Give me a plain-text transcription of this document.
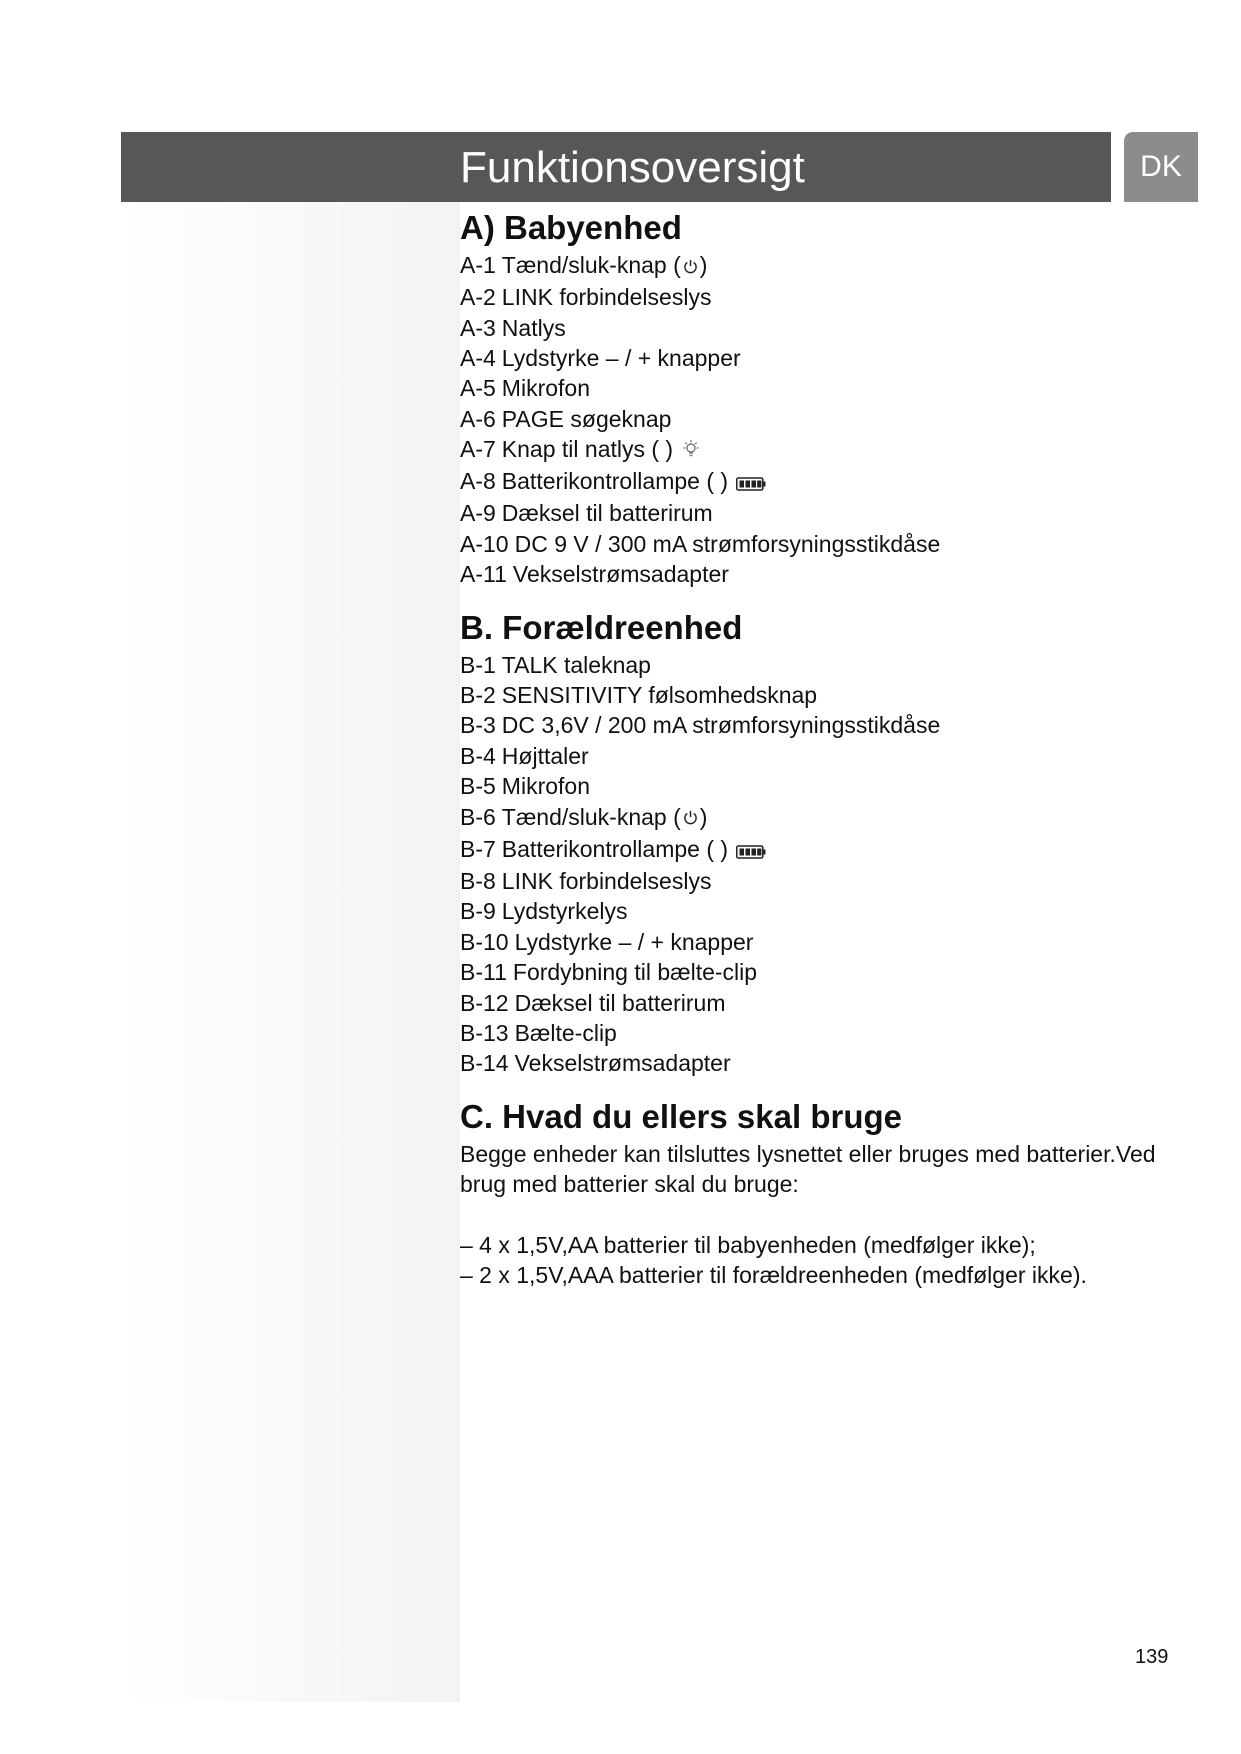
Funktionsoversigt	DK
A) Babyenhed
A-1 Tænd/sluk-knap ( )
A-2 LINK forbindelseslys
A-3 Natlys
A-4 Lydstyrke – / + knapper
A-5 Mikrofon
A-6 PAGE søgeknap
A-7 Knap til natlys ( )
A-8 Batterikontrollampe ( )
A-9 Dæksel til batterirum
A-10 DC 9 V / 300 mA strømforsyningsstikdåse
A-11 Vekselstrømsadapter
B. Forældreenhed
B-1 TALK taleknap
B-2 SENSITIVITY følsomhedsknap
B-3 DC 3,6V / 200 mA strømforsyningsstikdåse
B-4 Højttaler
B-5 Mikrofon
B-6 Tænd/sluk-knap ( )
B-7 Batterikontrollampe ( )
B-8 LINK forbindelseslys
B-9 Lydstyrkelys
B-10 Lydstyrke – / + knapper
B-11 Fordybning til bælte-clip
B-12 Dæksel til batterirum
B-13 Bælte-clip
B-14 Vekselstrømsadapter
C. Hvad du ellers skal bruge

Begge enheder kan tilsluttes lysnettet eller bruges med batterier.Ved brug med batterier skal du bruge:

– 4 x 1,5V,AA batterier til babyenheden (medfølger ikke);
– 2 x 1,5V,AAA batterier til forældreenheden (medfølger ikke).
139
